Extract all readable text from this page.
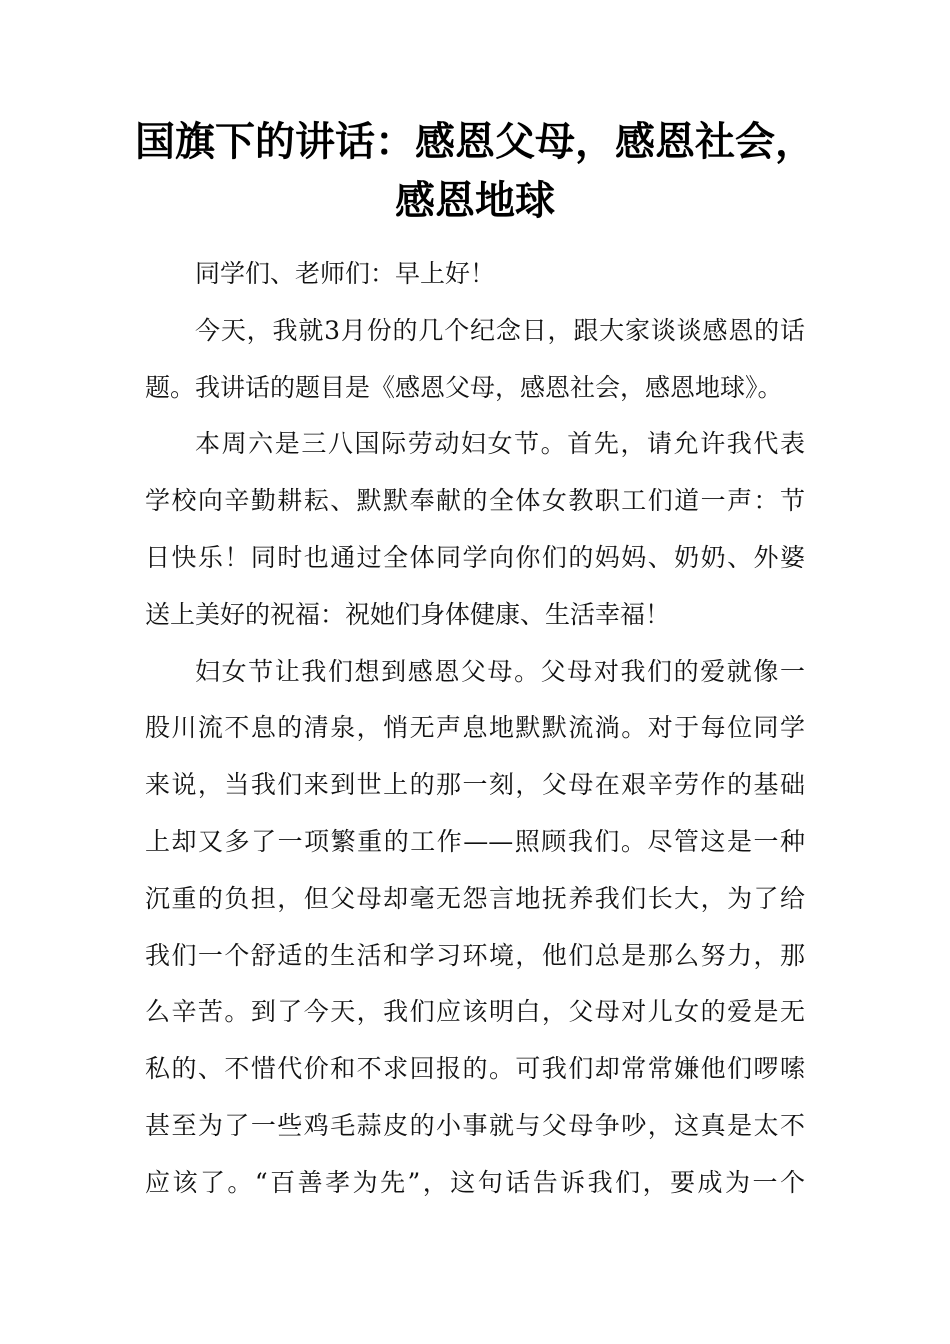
国旗下的讲话：感恩父母，感恩社会，
感恩地球
同学们、老师们：早上好！
今天，我就3月份的几个纪念日，跟大家谈谈感恩的话
题。我讲话的题目是《感恩父母，感恩社会，感恩地球》。
本周六是三八国际劳动妇女节。首先，请允许我代表
学校向辛勤耕耘、默默奉献的全体女教职工们道一声：节
日快乐！同时也通过全体同学向你们的妈妈、奶奶、外婆
送上美好的祝福：祝她们身体健康、生活幸福！
妇女节让我们想到感恩父母。父母对我们的爱就像一
股川流不息的清泉，悄无声息地默默流淌。对于每位同学
来说，当我们来到世上的那一刻，父母在艰辛劳作的基础
上却又多了一项繁重的工作——照顾我们。尽管这是一种
沉重的负担，但父母却毫无怨言地抚养我们长大，为了给
我们一个舒适的生活和学习环境，他们总是那么努力，那
么辛苦。到了今天，我们应该明白，父母对儿女的爱是无
私的、不惜代价和不求回报的。可我们却常常嫌他们啰嗦
甚至为了一些鸡毛蒜皮的小事就与父母争吵，这真是太不
应该了。“百善孝为先”，这句话告诉我们，要成为一个
